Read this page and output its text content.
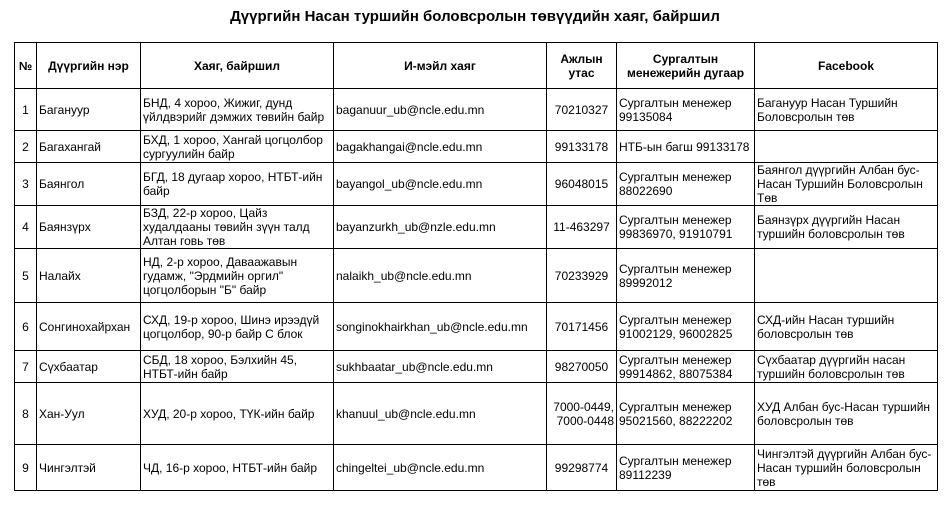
Дүүргийн Насан туршийн боловсролын төвүүдийн хаяг, байршил
№	Дүүргийн нэр	Хаяг, байршил	И-мэйл хаяг	Ажлын утас	Сургалтын менежерийн дугаар	Facebook
1	Багануур	БНД, 4 хороо, Жижиг, дунд үйлдвэрийг дэмжих төвийн байр	baganuur_ub@ncle.edu.mn	70210327	Сургалтын менежер 99135084	Багануур Насан Туршийн Боловсролын төв
2	Багахангай	БХД, 1 хороо, Хангай цогцолбор сургуулийн байр	bagakhangai@ncle.edu.mn	99133178	НТБ-ын багш 99133178	
3	Баянгол	БГД, 18 дугаар хороо, НТБТ-ийн байр	bayangol_ub@ncle.edu.mn	96048015	Сургалтын менежер 88022690	Баянгол дүүргийн Албан бус- Насан Туршийн Боловсролын Төв
4	Баянзүрх	БЗД, 22-р хороо, Цайз худалдааны төвийн зүүн талд Алтан говь төв	bayanzurkh_ub@nzle.edu.mn	11-463297	Сургалтын менежер 99836970, 91910791	Баянзүрх дүүргийн Насан туршийн боловсролын төв
5	Налайх	НД, 2-р хороо, Даваажавын гудамж, "Эрдмийн оргил" цогцолборын "Б" байр	nalaikh_ub@ncle.edu.mn	70233929	Сургалтын менежер 89992012	
6	Сонгинохайрхан	СХД, 19-р хороо, Шинэ ирээдүй цогцолбор, 90-р байр С блок	songinokhairkhan_ub@ncle.edu.mn	70171456	Сургалтын менежер 91002129, 96002825	СХД-ийн Насан туршийн боловсролын төв
7	Сүхбаатар	СБД, 18 хороо, Бэлхийн 45, НТБТ-ийн байр	sukhbaatar_ub@ncle.edu.mn	98270050	Сургалтын менежер 99914862, 88075384	Сүхбаатар дүүргийн насан туршийн боловсролын төв
8	Хан-Уул	ХУД, 20-р хороо, ТҮК-ийн байр	khanuul_ub@ncle.edu.mn	7000-0449, 7000-0448	Сургалтын менежер 95021560, 88222202	ХУД Албан бус-Насан туршийн боловсролын төв
9	Чингэлтэй	ЧД, 16-р хороо, НТБТ-ийн байр	chingeltei_ub@ncle.edu.mn	99298774	Сургалтын менежер 89112239	Чингэлтэй дүүргийн Албан бус-Насан туршийн боловсролын төв
